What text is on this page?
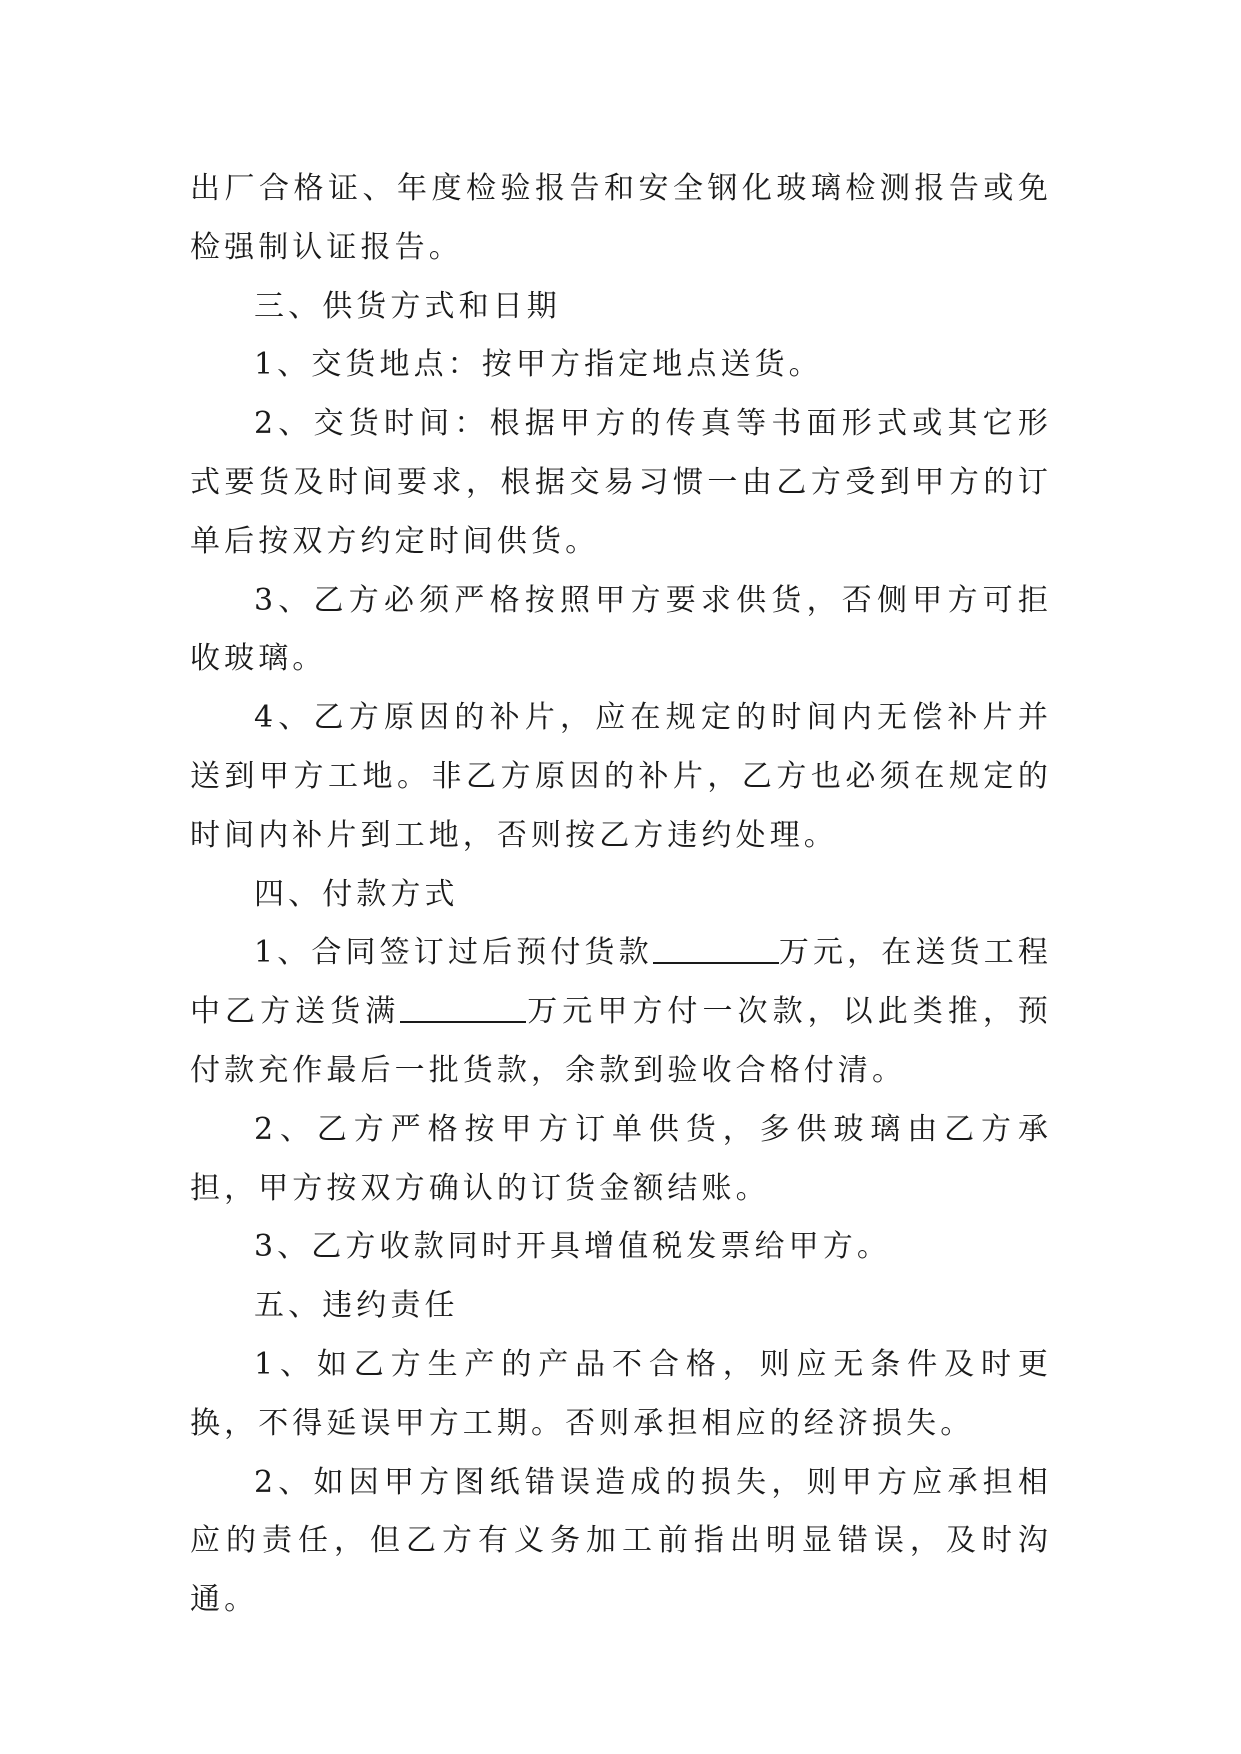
出厂合格证、年度检验报告和安全钢化玻璃检测报告或免检强制认证报告。

三、供货方式和日期

1、交货地点：按甲方指定地点送货。

2、交货时间：根据甲方的传真等书面形式或其它形式要货及时间要求，根据交易习惯一由乙方受到甲方的订单后按双方约定时间供货。

3、乙方必须严格按照甲方要求供货，否侧甲方可拒收玻璃。

4、乙方原因的补片，应在规定的时间内无偿补片并送到甲方工地。非乙方原因的补片，乙方也必须在规定的时间内补片到工地，否则按乙方违约处理。

四、付款方式

1、合同签订过后预付货款	万元，在送货工程中乙方送货满	万元甲方付一次款，以此类推，预付款充作最后一批货款，余款到验收合格付清。

2、乙方严格按甲方订单供货，多供玻璃由乙方承担，甲方按双方确认的订货金额结账。

3、乙方收款同时开具增值税发票给甲方。

五、违约责任

1、如乙方生产的产品不合格，则应无条件及时更换，不得延误甲方工期。否则承担相应的经济损失。

2、如因甲方图纸错误造成的损失，则甲方应承担相应的责任，但乙方有义务加工前指出明显错误，及时沟通。
